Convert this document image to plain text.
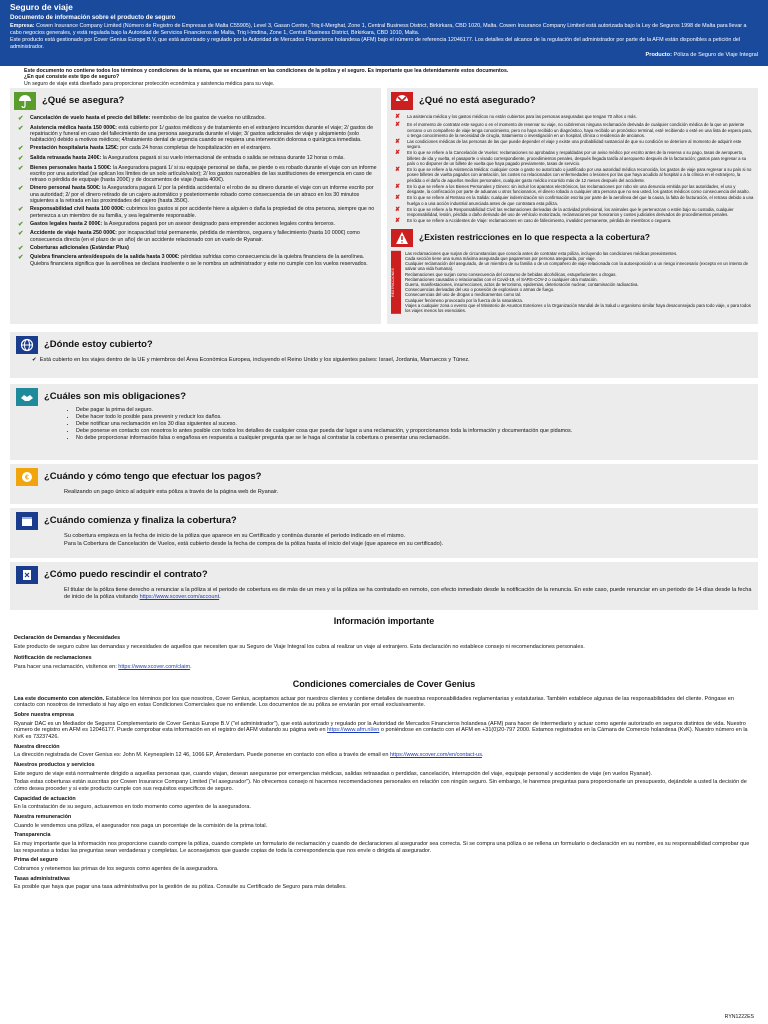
Seguro de viaje
Documento de información sobre el producto de seguro

Empresa: Cowen Insurance Company Limited (Número de Registro de Empresas de Malta C55905), Level 3, Gasan Centre, Triq il-Merghat, Zone 1, Central Business District, Birkirkara, CBD 1020, Malta. Cowen Insurance Company Limited está autorizada bajo la Ley de Seguros 1998 de Malta para llevar a cabo negocios generales, y está regulada bajo la Autoridad de Servicios Financieros de Malta, Triq l-Imdina, Zone 1, Central Business District, Birkirkara, CBD 1010, Malta.

Este producto está gestionado por Cover Genius Europe B.V, que está autorizado y regulado por la Autoridad de Mercados Financieros holandesa (AFM) bajo el número de referencia 12046177. Los detalles del alcance de la regulación del administrador por parte de la AFM están disponibles a petición del administrador.

Producto: Póliza de Seguro de Viaje Integral
Este documento no contiene todos los términos y condiciones de la misma, que se encuentran en las condiciones de la póliza y el seguro. Es importante que lea detenidamente estos documentos.
¿En qué consiste este tipo de seguro?
Un seguro de viaje está diseñado para proporcionar protección económica y asistencia médica para su viaje.
¿Qué se asegura?
✔ Cancelación de vuelo hasta el precio del billete: reembolso de los gastos de vuelos no utilizados.
✔ Asistencia médica hasta 150 000€: está cubierto por 1/ gastos médicos y de tratamiento en el extranjero incurridos durante el viaje; 2/ gastos de repatriación y funeral en caso del fallecimiento de una persona asegurada durante el viaje; 3/ gastos adicionales de viaje y alojamiento (solo habitación) debido a motivos médicos; 4/tratamiento dental de urgencia cuando se requiera una intervención dolorosa o quirúrgica inmediata.
✔ Prestación hospitalaria hasta 125€: por cada 24 horas completas de hospitalización en el extranjero.
✔ Salida retrasada hasta 240€: la Aseguradora pagará si su vuelo internacional de entrada o salida se retrasa durante 12 horas o más.
✔ Bienes personales hasta 1 500€: la Aseguradora pagará 1/ si su equipaje personal se daña, se pierde o es robado durante el viaje con un informe escrito por una autoridad (se aplican los límites de un solo artículo/valor); 2/ los gastos razonables de las sustituciones de emergencia en caso de retraso o pérdida de equipaje (hasta 200€) y de documentos de viaje (hasta 400€).
✔ Dinero personal hasta 500€: la Aseguradora pagará 1/ por la pérdida accidental o el robo de su dinero durante el viaje con un informe escrito por una autoridad; 2/ por el dinero retirado de un cajero automático y posteriormente robado como consecuencia de un atraco en los 30 minutos siguientes a la retirada en las proximidades del cajero (hasta 350€).
✔ Responsabilidad civil hasta 100 000€: cubrimos los gastos si por accidente hiere a alguien o daña la propiedad de otra persona, siempre que no pertenezca a un miembro de su familia, y sea legalmente responsable.
✔ Gastos legales hasta 2 000€: la Aseguradora pagará por un asesor designado para emprender acciones legales contra terceros.
✔ Accidente de viaje hasta 250 000€: por incapacidad total permanente, pérdida de miembros, ceguera y fallecimiento (hasta 10 000€) como consecuencia directa (en el plazo de un año) de un accidente relacionado con un vuelo de Ryanair.
✔ Coberturas adicionales (Estándar Plus)
✔ Quiebra financiera antes/después de la salida hasta 3 000€: pérdidas sufridas como consecuencia de la quiebra financiera de la aerolínea. Quiebra financiera significa que la aerolínea se declara insolvente o se le nombra un administrador y este no cumple con los vuelos reservados.
¿Qué no está asegurado?
✘	La asistencia médica y los gastos médicos no están cubiertos para las personas aseguradas que tengan 70 años o más.
✘	En el momento de contratar este seguro o en el momento de reservar su viaje, no cubriremos ninguna reclamación derivada de cualquier condición médica de la que un pariente cercano o un compañero de viaje tenga conocimiento, pero no haya recibido un diagnóstico, haya recibido un pronóstico terminal, esté recibiendo o esté en una lista de espera para, o tenga conocimiento de la necesidad de cirugía, tratamiento o investigación en un hospital, clínica o residencia de ancianos.
✘	Las condiciones médicas de las personas de las que puede depender el viaje y existe una probabilidad sustancial de que su condición se deteriore al momento de adquirir este seguro.
✘	En lo que se refiere a la Cancelación de Vuelos: reclamaciones no aprobadas y respaldadas por un aviso médico por escrito antes de la reserva o su pago, tasas de aeropuerto, billetes de ida y vuelta, el pasaporte o visado correspondiente, procedimientos penales, después llegada tardía al aeropuerto después de la facturación; gastos para regresar a su país o no disponer de un billete de vuelta que haya pagado previamente, tasas de servicio.
✘	En lo que se refiere a la Asistencia Médica: cualquier coste o gasto no autorizado o justificado por una autoridad médica reconocida, los gastos de viaje para regresar a su país si no posee billetes de vuelta pagados con antelación, los costes no relacionados con enfermedades o lesiones por las que haya acudido al hospital o a la clínica en el extranjero, la pérdida o el daño de aquellos medios personales, cualquier gasto médico incurrido más de 12 meses después del accidente.
✘	En lo que se refiere a los Bienes Personales y Dinero: sin incluir los aparatos electrónicos, las reclamaciones por robo sin una denuncia emitida por las autoridades, el uso y desgaste, la confiscación por parte de aduanas u otros funcionarios, el dinero robado a cualquier otra persona que no sea usted, los gastos médicos como consecuencia del asalto.
✘	En lo que se refiere al Retraso en la Salida: cualquier indemnización sin confirmación escrita por parte de la aerolínea del que la causa, la falta de facturación, el retraso debido a una huelga o a una acción industrial anunciada antes de que contratara esta póliza.
✘	En lo que se refiere a la Responsabilidad Civil: las reclamaciones derivadas de la actividad profesional, los animales que le pertenezcan o estén bajo su custodia, cualquier responsabilidad, lesión, pérdida o daño derivado del uso de vehículo motorizado, reclamaciones por honorarios y costes judiciales derivados de procedimientos penales.
✘	En lo que se refiere a Accidentes de Viaje: reclamaciones en caso de fallecimiento, invalidez permanente, pérdida de miembros o ceguera.
¿Existen restricciones en lo que respecta a la cobertura?
RESTRICCIONES
Las reclamaciones que surjan de circunstancias que conocía antes de contratar esta póliza, incluyendo las condiciones médicas preexistentes.
Cada sección tiene una suma máxima asegurada que pagaremos por persona asegurada, por viaje.
Cualquier reclamación del asegurado, de un miembro de su familia o de un compañero de viaje relacionada con la autoexposición a un riesgo innecesario (excepto en un intento de salvar una vida humana).
Reclamaciones que surjan como consecuencia del consumo de bebidas alcohólicas, estupefacientes o drogas.
Reclamaciones causadas o relacionadas con el Covid-19, el SARS-COV-2 o cualquier otra mutación.
Guerra, manifestaciones, insurrecciones, actos de terrorismo, epidemias, deterioración nuclear, contaminación radioactiva.
Consecuencias derivadas del uso o posesión de explosivos o armas de fuego.
Consecuencias del uso de drogas o medicamentos como tal.
Cualquier fenómeno provocado por la fuerza de la naturaleza.
Viajes a cualquier zona o evento que el Ministerio de Asuntos Exteriores o la Organización Mundial de la Salud u organismo similar haya desaconsejado para todo viaje, o para todos los viajes menos los esenciales.
¿Dónde estoy cubierto?
✔  Está cubierto en los viajes dentro de la UE y miembros del Área Económica Europea, incluyendo el Reino Unido y los siguientes países: Israel, Jordania, Marruecos y Túnez.
¿Cuáles son mis obligaciones?
• Debe pagar la prima del seguro.
• Debe hacer todo lo posible para prevenir y reducir los daños.
• Debe notificar una reclamación en los 30 días siguientes al suceso.
• Debe ponerse en contacto con nosotros lo antes posible con todos los detalles de cualquier cosa que pueda dar lugar a una reclamación, y proporcionarnos toda la información y documentación que pidamos.
• No debe proporcionar información falsa o engañosa en respuesta a cualquier pregunta que se le haga al contratar la cobertura o presentar una reclamación.
€ ¿Cuándo y cómo tengo que efectuar los pagos?
Realizando un pago único al adquirir esta póliza a través de la página web de Ryanair.
¿Cuándo comienza y finaliza la cobertura?
Su cobertura empieza en la fecha de inicio de la póliza que aparece en su Certificado y continúa durante el periodo indicado en el mismo.
Para la Cobertura de Cancelación de Vuelos, está cubierto desde la fecha de compra de la póliza hasta el inicio del viaje (que aparece en su certificado).
¿Cómo puedo rescindir el contrato?
El titular de la póliza tiene derecho a renunciar a la póliza si el periodo de cobertura es de más de un mes y si la póliza se ha contratado en remoto, con efecto inmediato desde la notificación de la renuncia. En este caso, puede renunciar en un periodo de 14 días desde la fecha de inicio de la póliza visitando https://www.xcover.com/account.
Información importante
Declaración de Demandas y Necesidades

Este producto de seguro cubre las demandas y necesidades de aquellos que necesiten que su Seguro de Viaje Integral los cubra al realizar un viaje al extranjero. Esta declaración no establece consejo ni recomendaciones personales.

Notificación de reclamaciones

Para hacer una reclamación, visítenos en: https://www.xcover.com/claim.

Condiciones comerciales de Cover Genius

Lea este documento con atención. Establece los términos por los que nosotros, Cover Genius, aceptamos actuar por nuestros clientes y contiene detalles de nuestras responsabilidades reglamentarias y estatutarias. También establece algunas de las responsabilidades del cliente. Póngase en contacto con nosotros de inmediato si hay algo en estas Condiciones Comerciales que no entiende. Los documentos de su póliza se enviarán por email exclusivamente.

Sobre nuestra empresa

Ryanair DAC es un Mediador de Seguros Complementario de Cover Genius Europe B.V ("el administrador"), que está autorizado y regulado por la Autoridad de Mercados Financieros holandesa (AFM) para hacer de intermediario y actuar como agente autorizado en seguros distintos de vida. Nuestro número de registro en AFM es 12046177. Puede comprobar esta información en el registro del AFM visitando su página web en https://www.afm.nl/en o poniéndose en contacto con el AFM en +31(0)20-797 2000. Estamos registrados en la Cámara de Comercio holandesa (KvK). Nuestro número en la KvK es 73237426.

Nuestra dirección

La dirección registrada de Cover Genius es: John M. Keynesplein 12 46, 1066 EP, Ámsterdam. Puede ponerse en contacto con ellos a través de email en https://www.xcover.com/en/contact-us.

Nuestros productos y servicios

Este seguro de viaje está normalmente dirigido a aquellas personas que, cuando viajan, desean asegurarse por emergencias médicas, salidas retrasadas o perdidas, cancelación, interrupción del viaje, equipaje personal y accidentes de viaje (en vuelos Ryanair).

Todas estas coberturas están suscritas por Cowen Insurance Company Limited ("el asegurador"). No ofrecemos consejo ni hacemos recomendaciones personales en relación con ningún seguro. Sin embargo, le haremos preguntas para proporcionarle un presupuesto, dejándole a usted la decisión de cómo desea proceder y si este producto cumple con sus requisitos específicos de seguro.

Capacidad de actuación

En la contratación de su seguro, actuaremos en todo momento como agentes de la aseguradora.

Nuestra remuneración

Cuando le vendemos una póliza, el asegurador nos paga un porcentaje de la comisión de la prima total.

Transparencia

Es muy importante que la información nos proporcione cuando compre la póliza, cuando complete un formulario de reclamación y cuando de declaraciones al asegurador sea correcta. Si se compra una póliza o se rellena un formulario o declaración en su nombre, es su responsabilidad comprobar que las respuestas a todas las preguntas sean verdaderas y completas. Le aconsejamos que guarde copias de toda la correspondencia que nos envíe o dirigida al asegurador.

Prima del seguro

Cobramos y retenemos las primas de los seguros como agentes de la aseguradora.

Tasas administrativas

Es posible que haya que pagar una tasa administrativa por la gestión de su póliza. Consulte su Certificado de Seguro para más detalles.

RYN1222ES
